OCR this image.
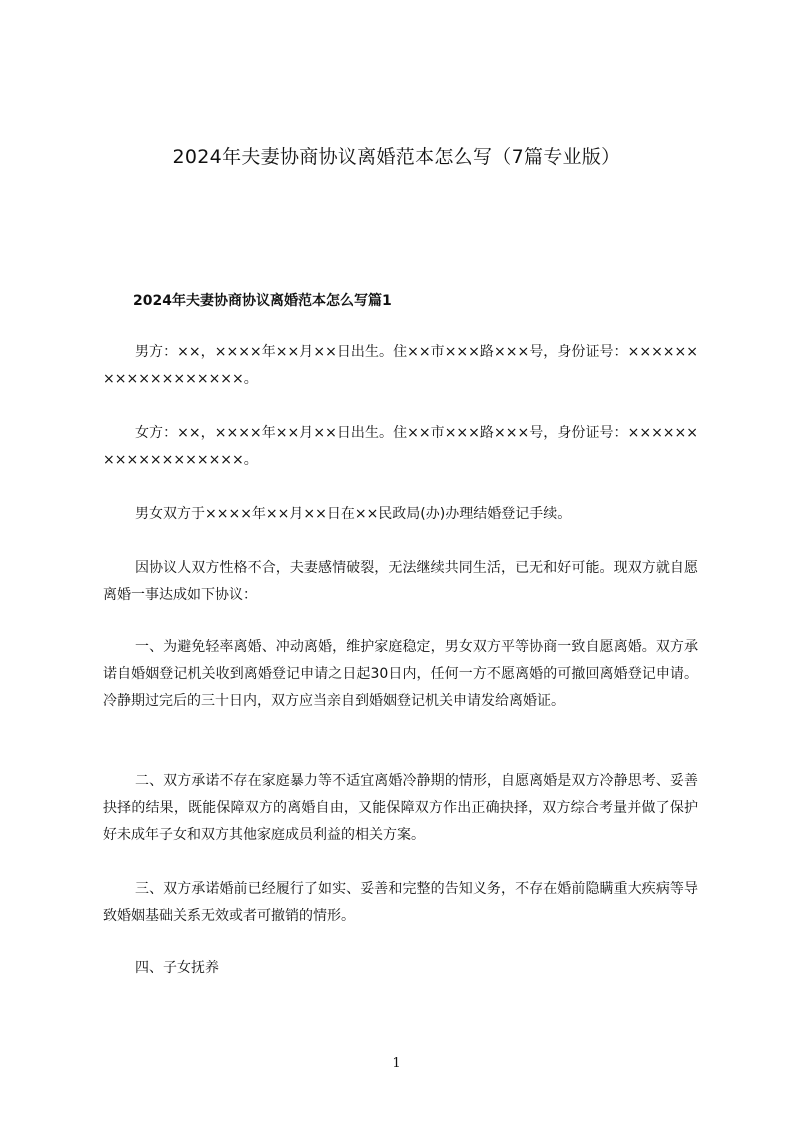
2024年夫妻协商协议离婚范本怎么写（7篇专业版）
2024年夫妻协商协议离婚范本怎么写篇1

男方：××，××××年××月××日出生。住××市×××路×××号，身份证号：××××××××××××××××××。

女方：××，××××年××月××日出生。住××市×××路×××号，身份证号：××××××××××××××××××。

男女双方于××××年××月××日在××民政局(办)办理结婚登记手续。

因协议人双方性格不合，夫妻感情破裂，无法继续共同生活，已无和好可能。现双方就自愿离婚一事达成如下协议：

一、为避免轻率离婚、冲动离婚，维护家庭稳定，男女双方平等协商一致自愿离婚。双方承诺自婚姻登记机关收到离婚登记申请之日起30日内，任何一方不愿离婚的可撤回离婚登记申请。冷静期过完后的三十日内，双方应当亲自到婚姻登记机关申请发给离婚证。

二、双方承诺不存在家庭暴力等不适宜离婚冷静期的情形，自愿离婚是双方冷静思考、妥善抉择的结果，既能保障双方的离婚自由，又能保障双方作出正确抉择，双方综合考量并做了保护好未成年子女和双方其他家庭成员利益的相关方案。

三、双方承诺婚前已经履行了如实、妥善和完整的告知义务，不存在婚前隐瞒重大疾病等导致婚姻基础关系无效或者可撤销的情形。

四、子女抚养

1
